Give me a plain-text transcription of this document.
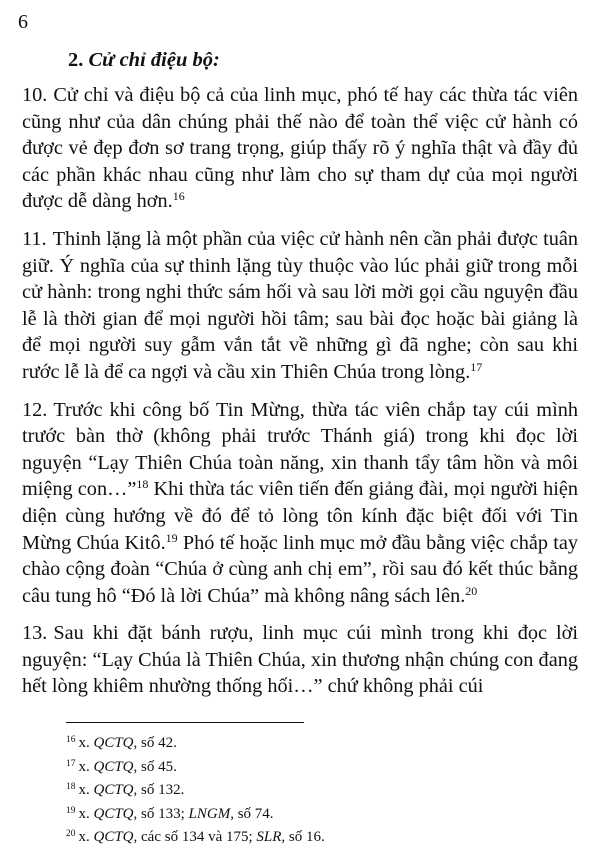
6
2. Cử chỉ điệu bộ:

10. Cử chỉ và điệu bộ cả của linh mục, phó tế hay các thừa tác viên cũng như của dân chúng phải thế nào để toàn thể việc cử hành có được vẻ đẹp đơn sơ trang trọng, giúp thấy rõ ý nghĩa thật và đầy đủ các phần khác nhau cũng như làm cho sự tham dự của mọi người được dễ dàng hơn.$^{16}$

11. Thinh lặng là một phần của việc cử hành nên cần phải được tuân giữ. Ý nghĩa của sự thinh lặng tùy thuộc vào lúc phải giữ trong mỗi cử hành: trong nghi thức sám hối và sau lời mời gọi cầu nguyện đầu lễ là thời gian để mọi người hồi tâm; sau bài đọc hoặc bài giảng là để mọi người suy gẫm vắn tắt về những gì đã nghe; còn sau khi rước lễ là để ca ngợi và cầu xin Thiên Chúa trong lòng.$^{17}$

12. Trước khi công bố Tin Mừng, thừa tác viên chắp tay cúi mình trước bàn thờ (không phải trước Thánh giá) trong khi đọc lời nguyện “Lạy Thiên Chúa toàn năng, xin thanh tẩy tâm hồn và môi miệng con…”$^{18}$ Khi thừa tác viên tiến đến giảng đài, mọi người hiện diện cùng hướng về đó để tỏ lòng tôn kính đặc biệt đối với Tin Mừng Chúa Kitô.$^{19}$ Phó tế hoặc linh mục mở đầu bằng việc chắp tay chào cộng đoàn “Chúa ở cùng anh chị em”, rồi sau đó kết thúc bằng câu tung hô “Đó là lời Chúa” mà không nâng sách lên.$^{20}$

13. Sau khi đặt bánh rượu, linh mục cúi mình trong khi đọc lời nguyện: “Lạy Chúa là Thiên Chúa, xin thương nhận chúng con đang hết lòng khiêm nhường thống hối…” chứ không phải cúi

$^{16}$ x. QCTQ, số 42.

$^{17}$ x. QCTQ, số 45.

$^{18}$ x. QCTQ, số 132.

$^{19}$ x. QCTQ, số 133; LNGM, số 74.

$^{20}$ x. QCTQ, các số 134 và 175; SLR, số 16.
